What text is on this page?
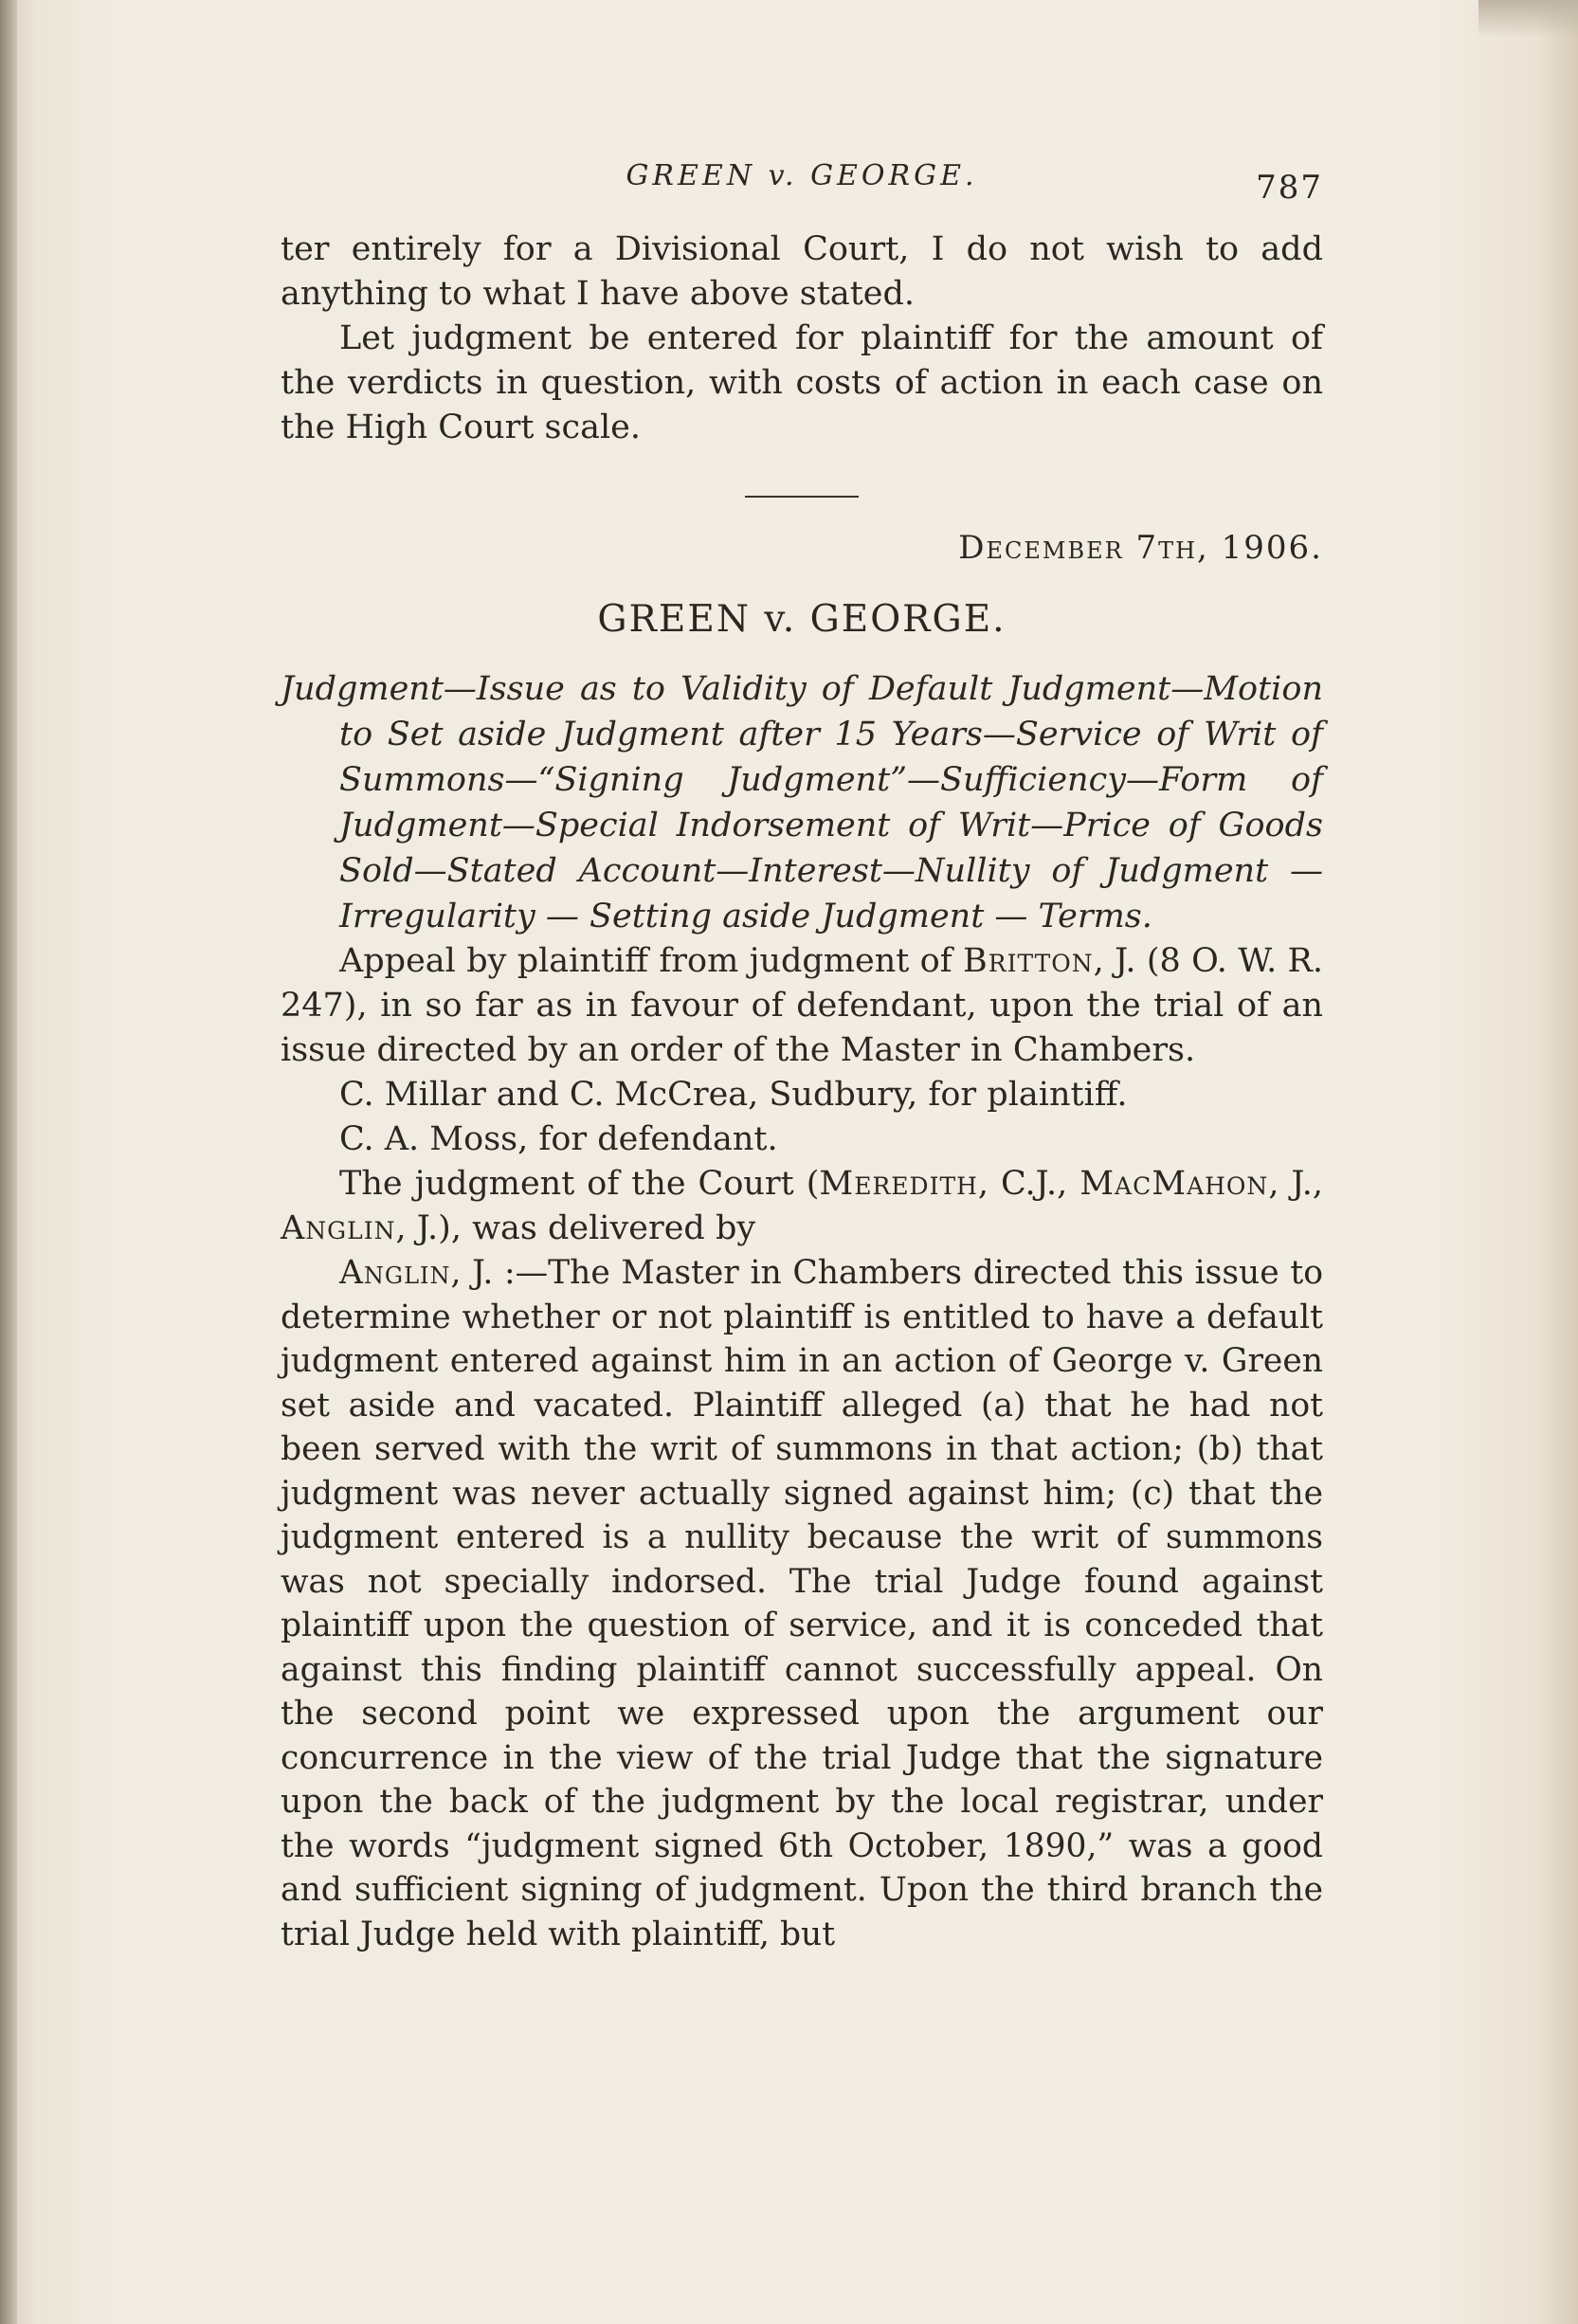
GREEN v. GEORGE.	787

ter entirely for a Divisional Court, I do not wish to add anything to what I have above stated.

Let judgment be entered for plaintiff for the amount of the verdicts in question, with costs of action in each case on the High Court scale.

December 7th, 1906.
GREEN v. GEORGE.

Judgment—Issue as to Validity of Default Judgment—Motion to Set aside Judgment after 15 Years—Service of Writ of Summons—“Signing Judgment”—Sufficiency—Form of Judgment—Special Indorsement of Writ—Price of Goods Sold—Stated Account—Interest—Nullity of Judgment — Irregularity — Setting aside Judgment — Terms.

Appeal by plaintiff from judgment of Britton, J. (8 O. W. R. 247), in so far as in favour of defendant, upon the trial of an issue directed by an order of the Master in Chambers.

C. Millar and C. McCrea, Sudbury, for plaintiff.

C. A. Moss, for defendant.

The judgment of the Court (Meredith, C.J., MacMahon, J., Anglin, J.), was delivered by

Anglin, J. :—The Master in Chambers directed this issue to determine whether or not plaintiff is entitled to have a default judgment entered against him in an action of George v. Green set aside and vacated. Plaintiff alleged (a) that he had not been served with the writ of summons in that action; (b) that judgment was never actually signed against him; (c) that the judgment entered is a nullity because the writ of summons was not specially indorsed. The trial Judge found against plaintiff upon the question of service, and it is conceded that against this finding plaintiff cannot successfully appeal. On the second point we expressed upon the argument our concurrence in the view of the trial Judge that the signature upon the back of the judgment by the local registrar, under the words “judgment signed 6th October, 1890,” was a good and sufficient signing of judgment. Upon the third branch the trial Judge held with plaintiff, but
